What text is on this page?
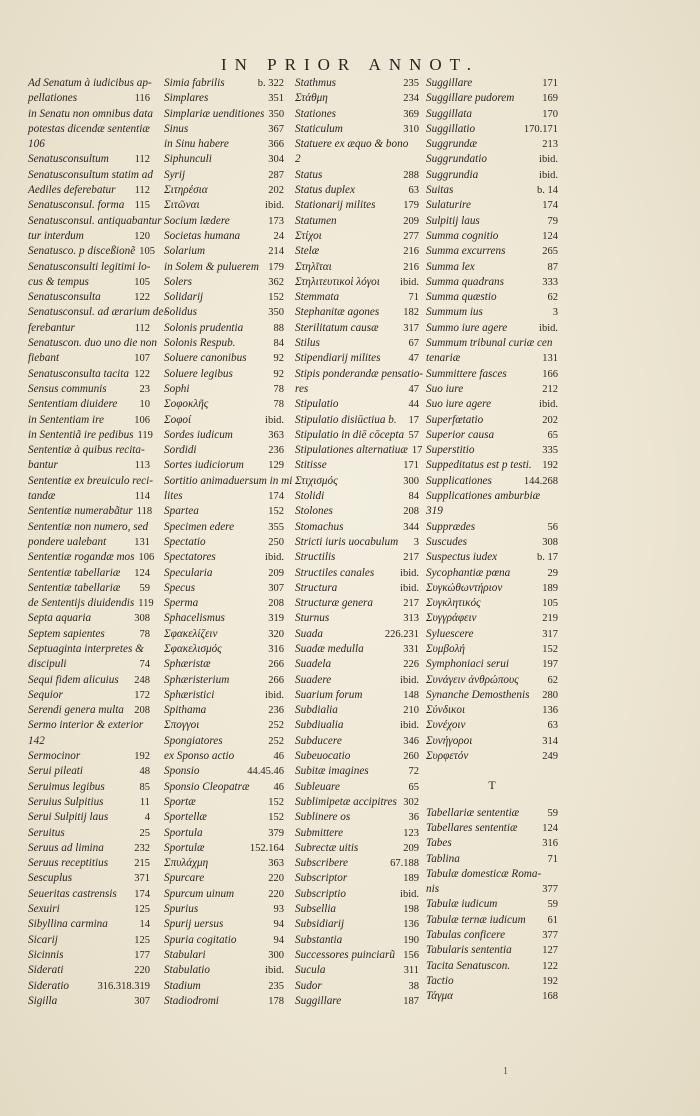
IN PRIOR ANNOT.
Ad Senatum à iudicibus ap-
pellationes	116
in Senatu non omnibus data
potestas dicendæ sententiæ
106
Senatusconsultum	112
Senatusconsultum statim ad
Aediles deferebatur	112
Senatusconsul. forma 115
Senatusconsul. antiquabantur
tur interdum	120
Senatusco. p disceßionẽ 105
Senatusconsulti legitimi lo-
cus & tempus	105
Senatusconsulta	122
Senatusconsul. ad ærarium de-
ferebantur	112
Senatuscon. duo uno die non
fiebant	107
Senatusconsulta tacita 122
Sensus communis	23
Sententiam diuidere	10
in Sententiam ire	106
in Sententiã ire pedibus 119
Sententiæ à quibus recita-
bantur	113
Sententiæ ex breuiculo reci-
tandæ	114
Sententiæ numerabãtur 118
Sententiæ non numero, sed
pondere ualebant	131
Sententiæ rogandæ mos 106
Sententiæ tabellariæ	124
Sententiæ tabellariæ	59
de Sententijs diuidendis 119
Septa aquaria	308
Septem sapientes	78
Septuaginta interpretes &
discipuli	74
Sequi fidem alicuius	248
Sequior	172
Serendi genera multa 208
Sermo interior & exterior
142
Sermocinor	192
Serui pileati	48
Seruimus legibus	85
Seruius Sulpitius	11
Serui Sulpitij laus	4
Seruitus	25
Seruus ad limina	232
Seruus receptitius	215
Sescuplus	371
Seueritas castrensis	174
Sexuiri	125
Sibyllina carmina	14
Sicarij	125
Sicinnis	177
Siderati	220
Sideratio	316.318.319
Sigilla	307
Simia fabrilis	b. 322
Simplares	351
Simplariæ uenditiones 350
Sinus	367
in Sinu habere	366
Siphunculi	304
Syrij	287
Σιτηρέσια	202
Σιτῶναι	ibid.
Socium lædere	173
Societas humana	24
Solarium	214
in Solem & puluerem 179
Solers	362
Solidarij	152
Solidus	350
Solonis prudentia	88
Solonis Respub.	84
Soluere canonibus	92
Soluere legibus	92
Sophi	78
Σοφοκλῆς	78
Σοφοί	ibid.
Sordes iudicum	363
Sordidi	236
Sortes iudiciorum	129
Sortitio animaduersum in mi
lites	174
Spartea	152
Specimen edere	355
Spectatio	250
Spectatores	ibid.
Specularia	209
Specus	307
Sperma	208
Sphacelismus	319
Σφακελίζειν	320
Σφακελισμός	316
Sphæristæ	266
Sphæristerium	266
Sphæristici	ibid.
Spithama	236
Σπογγοι	252
Spongiatores	252
ex Sponso actio	46
Sponsio	44.45.46
Sponsio Cleopatræ	46
Sportæ	152
Sportellæ	152
Sportula	379
Sportulæ	152.164
Σπυλάχμη	363
Spurcare	220
Spurcum uinum	220
Spurius	93
Spurij uersus	94
Spuria cogitatio	94
Stabulari	300
Stabulatio	ibid.
Stadium	235
Stadiodromi	178
Stathmus	235
Στάθμη	234
Stationes	369
Staticulum	310
Statuere ex æquo & bono
2
Status	288
Status duplex	63
Stationarij milites	179
Statumen	209
Στίχοι	277
Stelæ	216
Στηλῖται	216
Στηλιτευτικοὶ λόγοι	ibid.
Stemmata	71
Stephanitæ agones	182
Sterilitatum causæ	317
Stilus	67
Stipendiarij milites	47
Stipis ponderandæ pensatio-
res	47
Stipulatio	44
Stipulatio disiūctiua b.	17
Stipulatio in diē cōcepta 57
Stipulationes alternatiuæ 17
Stitisse	171
Στιχισμός	300
Stolidi	84
Stolones	208
Stomachus	344
Stricti iuris uocabulum	3
Structilis	217
Structiles canales	ibid.
Structura	ibid.
Structuræ genera	217
Sturnus	313
Suada	226.231
Suadæ medulla	331
Suadela	226
Suadere	ibid.
Suarium forum	148
Subdialia	210
Subdiualia	ibid.
Subducere	346
Subeuocatio	260
Subitæ imagines	72
Subleuare	65
Sublimipetæ accipitres 302
Sublinere os	36
Submittere	123
Subrectæ uitis	209
Subscribere	67.188
Subscriptor	189
Subscriptio	ibid.
Subsellia	198
Subsidiarij	136
Substantia	190
Successores puinciarũ 156
Sucula	311
Sudor	38
Suggillare	187
Suggillare	171
Suggillare pudorem	169
Suggillata	170
Suggillatio	170.171
Suggrundæ	213
Suggrundatio	ibid.
Suggrundia	ibid.
Suitas	b. 14
Sulaturire	174
Sulpitij laus	79
Summa cognitio	124
Summa excurrens	265
Summa lex	87
Summa quadrans	333
Summa quæstio	62
Summum ius	3
Summo iure agere	ibid.
Summum tribunal curiæ cen
tenariæ	131
Summittere fasces	166
Suo iure	212
Suo iure agere	ibid.
Superfœtatio	202
Superior causa	65
Superstitio	335
Suppeditatus est p testi.	192
Supplicationes	144.268
Supplicationes amburbiæ
319
Supprædes	56
Suscudes	308
Suspectus iudex	b. 17
Sycophantiæ pœna	29
Συγκώθωντήριον	189
Συγκλητικός	105
Συγγράφειν	219
Syluescere	317
Συμβολή	152
Symphoniaci serui	197
Συνάγειν ἀνθρώπους	62
Synanche Demosthenis	280
Σύνδικοι	136
Συνέχοιν	63
Συνήγοροι	314
Συρφετόν	249
T
Tabellariæ sententiæ	59
Tabellares sententiæ	124
Tabes	316
Tablina	71
Tabulæ domesticæ Roma-
nis	377
Tabulæ iudicum	59
Tabulæ ternæ iudicum	61
Tabulas conficere	377
Tabularis sententia	127
Tacita Senatuscon.	122
Tactio	192
Τάγμα	168
1
